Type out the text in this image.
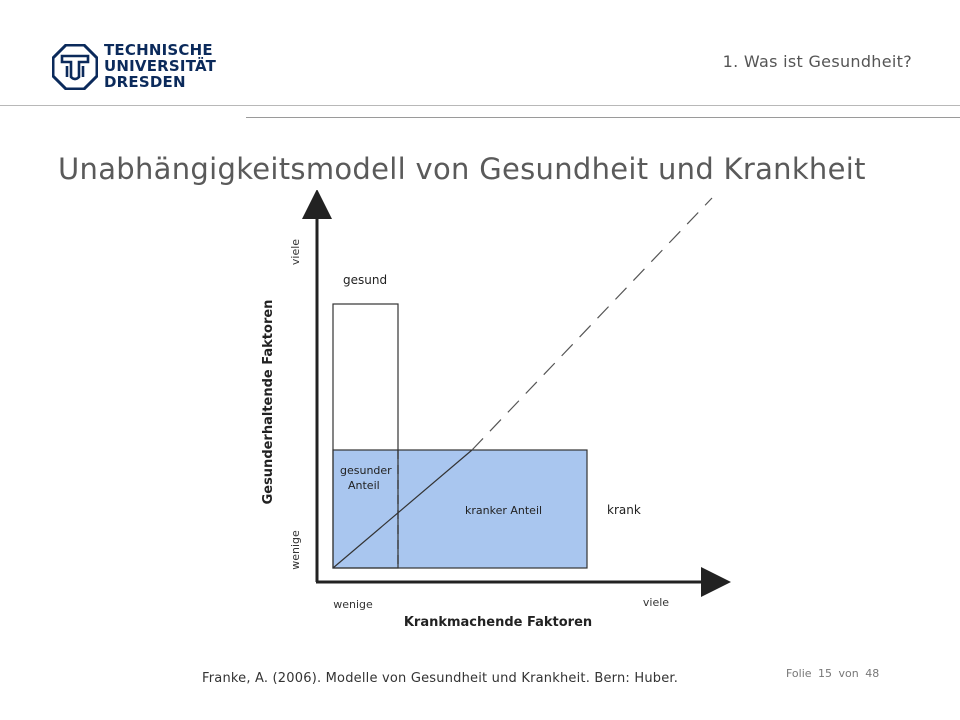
TECHNISCHE
UNIVERSITÄT
DRESDEN
1. Was ist Gesundheit?
Unabhängigkeitsmodell von Gesundheit und Krankheit
Gesunderhaltende Faktoren
Krankmachende Faktoren
viele
wenige
wenige	viele
gesund
krank
gesunder
Anteil
kranker Anteil
Franke, A. (2006). Modelle von Gesundheit und Krankheit. Bern: Huber.	Folie 15 von 48
